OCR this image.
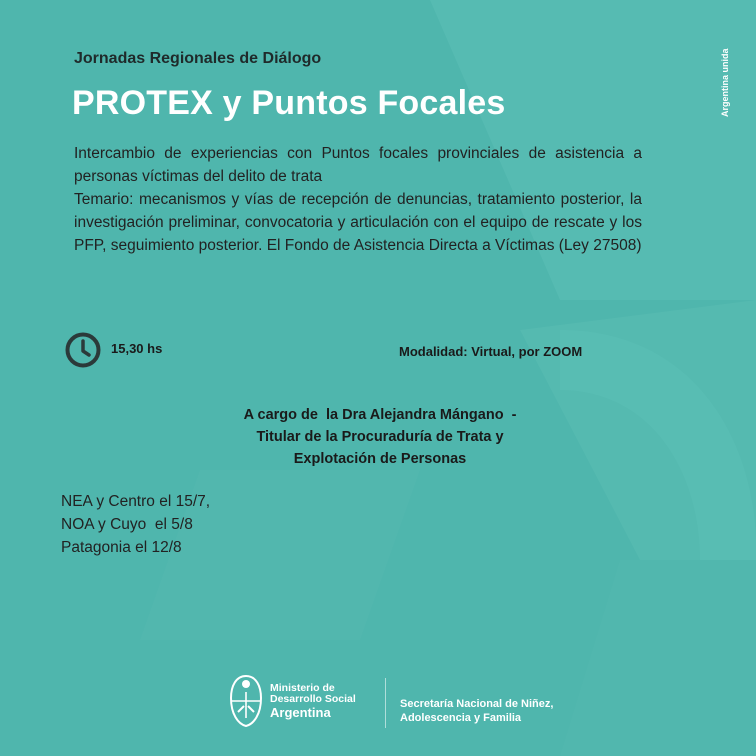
Jornadas Regionales de Diálogo
PROTEX y Puntos Focales

Intercambio de experiencias con Puntos focales provinciales de asistencia a personas víctimas del delito de trata

Temario: mecanismos y vías de recepción de denuncias, tratamiento posterior, la investigación preliminar, convocatoria y articulación con el equipo de rescate y los PFP, seguimiento posterior. El Fondo de Asistencia Directa a Víctimas (Ley 27508)

15,30 hs	Modalidad: Virtual, por ZOOM
A cargo de  la Dra Alejandra Mángano  -
Titular de la Procuraduría de Trata y
Explotación de Personas
NEA y Centro el 15/7,
NOA y Cuyo  el 5/8
Patagonia el 12/8
Argentina unida
Ministerio de
Desarrollo Social
Argentina
Secretaría Nacional de Niñez,
Adolescencia y Familia
